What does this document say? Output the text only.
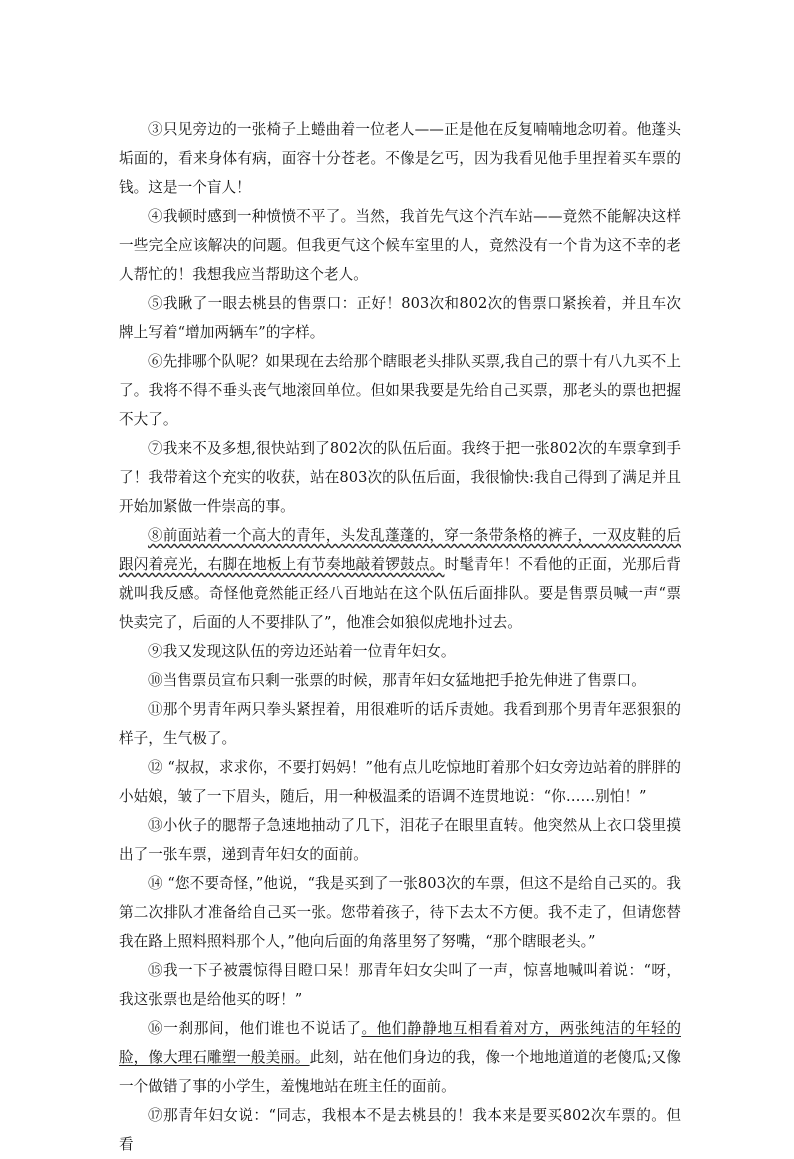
③只见旁边的一张椅子上蜷曲着一位老人——正是他在反复喃喃地念叨着。他蓬头垢面的，看来身体有病，面容十分苍老。不像是乞丐，因为我看见他手里捏着买车票的钱。这是一个盲人！

④我顿时感到一种愤愤不平了。当然，我首先气这个汽车站——竟然不能解决这样一些完全应该解决的问题。但我更气这个候车室里的人，竟然没有一个肯为这不幸的老人帮忙的！我想我应当帮助这个老人。

⑤我瞅了一眼去桃县的售票口：正好！803次和802次的售票口紧挨着，并且车次牌上写着“增加两辆车”的字样。

⑥先排哪个队呢？如果现在去给那个瞎眼老头排队买票,我自己的票十有八九买不上了。我将不得不垂头丧气地滚回单位。但如果我要是先给自己买票，那老头的票也把握不大了。

⑦我来不及多想,很快站到了802次的队伍后面。我终于把一张802次的车票拿到手了！我带着这个充实的收获，站在803次的队伍后面，我很愉快:我自己得到了满足并且开始加紧做一件崇高的事。

⑧前面站着一个高大的青年，头发乱蓬蓬的，穿一条带条格的裤子，一双皮鞋的后跟闪着亮光，右脚在地板上有节奏地敲着锣鼓点。时髦青年！不看他的正面，光那后背就叫我反感。奇怪他竟然能正经八百地站在这个队伍后面排队。要是售票员喊一声“票快卖完了，后面的人不要排队了”，他准会如狼似虎地扑过去。

⑨我又发现这队伍的旁边还站着一位青年妇女。

⑩当售票员宣布只剩一张票的时候，那青年妇女猛地把手抢先伸进了售票口。

⑪那个男青年两只拳头紧捏着，用很难听的话斥责她。我看到那个男青年恶狠狠的样子，生气极了。

⑫ “叔叔，求求你，不要打妈妈！”他有点儿吃惊地盯着那个妇女旁边站着的胖胖的小姑娘，皱了一下眉头，随后，用一种极温柔的语调不连贯地说：“你……别怕！”

⑬小伙子的腮帮子急速地抽动了几下，泪花子在眼里直转。他突然从上衣口袋里摸出了一张车票，递到青年妇女的面前。

⑭ “您不要奇怪，”他说，“我是买到了一张803次的车票，但这不是给自己买的。我第二次排队才准备给自己买一张。您带着孩子，待下去太不方便。我不走了，但请您替我在路上照料照料那个人，”他向后面的角落里努了努嘴，“那个瞎眼老头。”

⑮我一下子被震惊得目瞪口呆！那青年妇女尖叫了一声，惊喜地喊叫着说：“呀，我这张票也是给他买的呀！”

⑯一刹那间，他们谁也不说话了。他们静静地互相看着对方，两张纯洁的年轻的脸，像大理石雕塑一般美丽。此刻，站在他们身边的我，像一个地地道道的老傻瓜;又像一个做错了事的小学生，羞愧地站在班主任的面前。

⑰那青年妇女说：“同志，我根本不是去桃县的！我本来是要买802次车票的。但看
